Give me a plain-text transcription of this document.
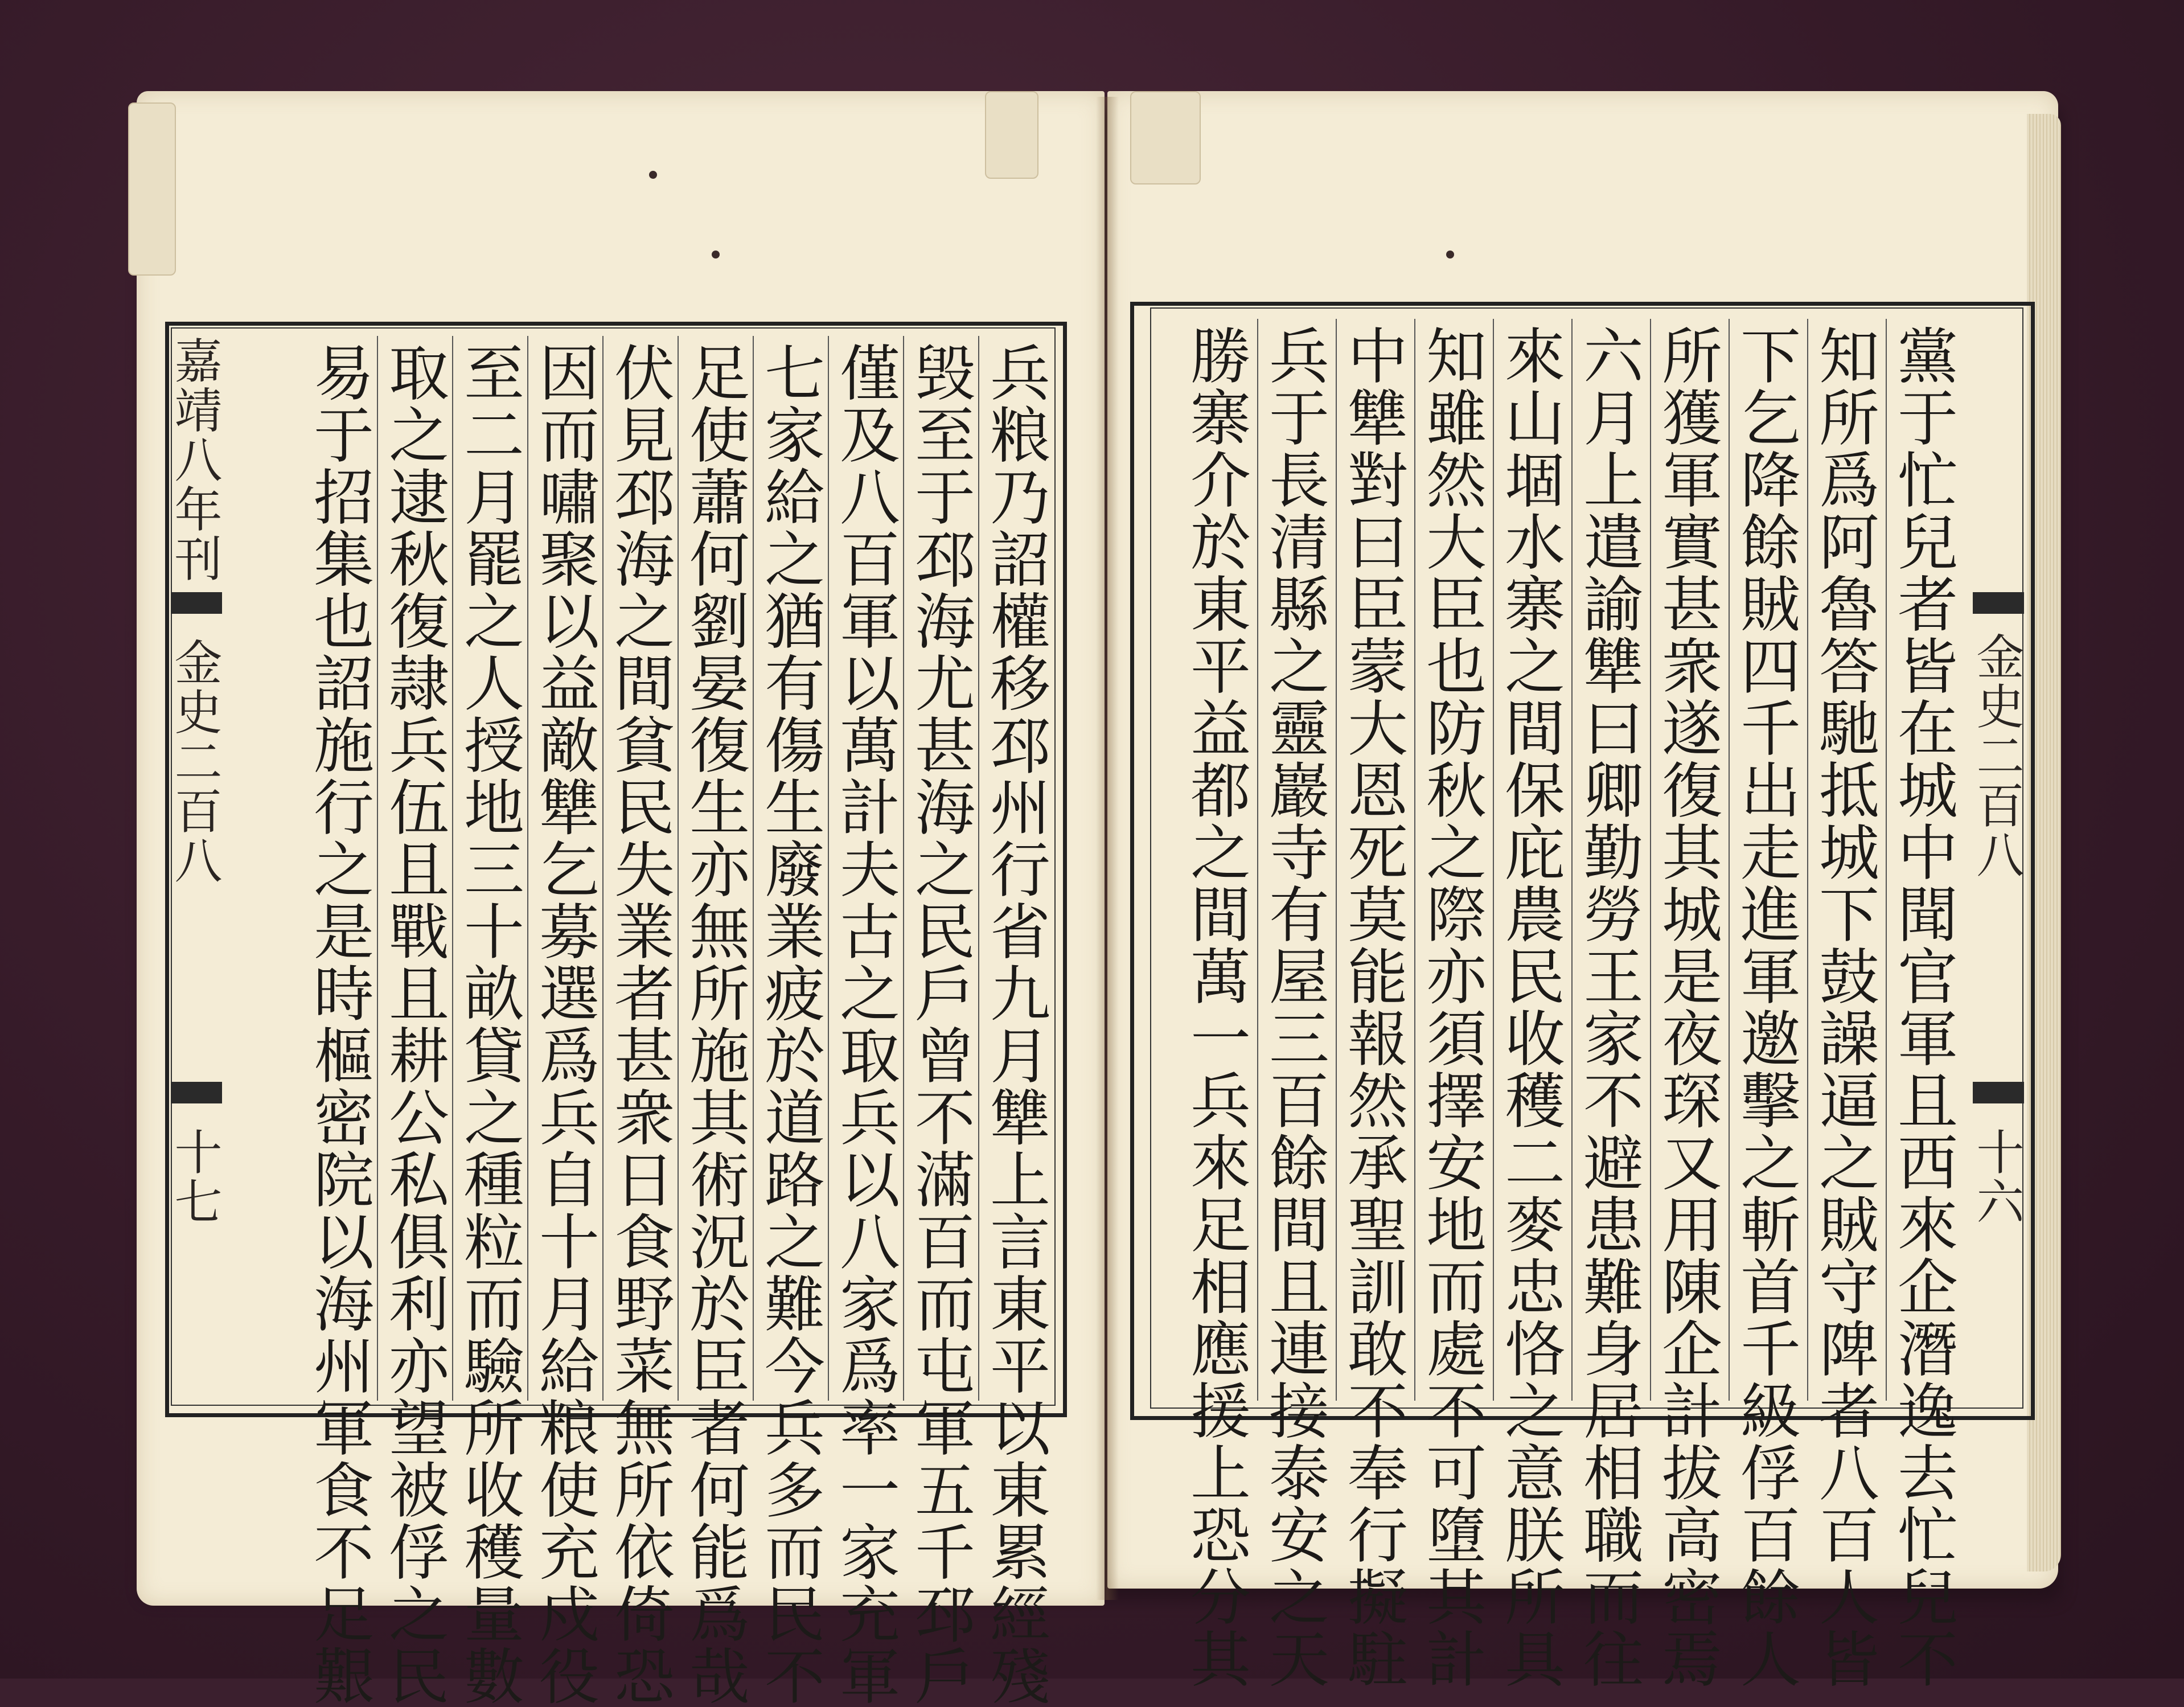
兵粮乃詔權移邳州行省九月犨上言東平以東累經殘
毁至于邳海尤甚海之民戶曾不滿百而屯軍五千邳戶
僅及八百軍以萬計夫古之取兵以八家爲率一家充軍
七家給之猶有傷生廢業疲於道路之難今兵多而民不
足使蕭何劉晏復生亦無所施其術況於臣者何能爲哉
伏見邳海之間貧民失業者甚衆日食野菜無所依倚恐
因而嘯聚以益敵犨乞募選爲兵自十月給粮使充戍役
至二月罷之人授地三十畝貸之種粒而驗所收穫量數
取之逮秋復隷兵伍且戰且耕公私俱利亦望被俘之民
易于招集也詔施行之是時樞密院以海州軍食不足艱
嘉靖八年刊
金史二百八
十七	黨于忙兒者皆在城中聞官軍且西來企潛逸去忙兒不
知所爲阿魯答馳抵城下鼓譟逼之賊守陴者八百人皆
下乞降餘賊四千出走進軍邀擊之斬首千級俘百餘人
所獲軍實甚衆遂復其城是夜琛又用陳企計拔高密焉
六月上遣諭犨曰卿勤勞王家不避患難身居相職而往
來山堌水寨之間保庇農民收穫二麥忠恪之意朕所具
知雖然大臣也防秋之際亦須擇安地而處不可墮其計
中犨對曰臣蒙大恩死莫能報然承聖訓敢不奉行擬駐
兵于長清縣之靈巖寺有屋三百餘間且連接泰安之天
勝寨介於東平益都之間萬一兵來足相應援上恐分其	金史二百八
十六
